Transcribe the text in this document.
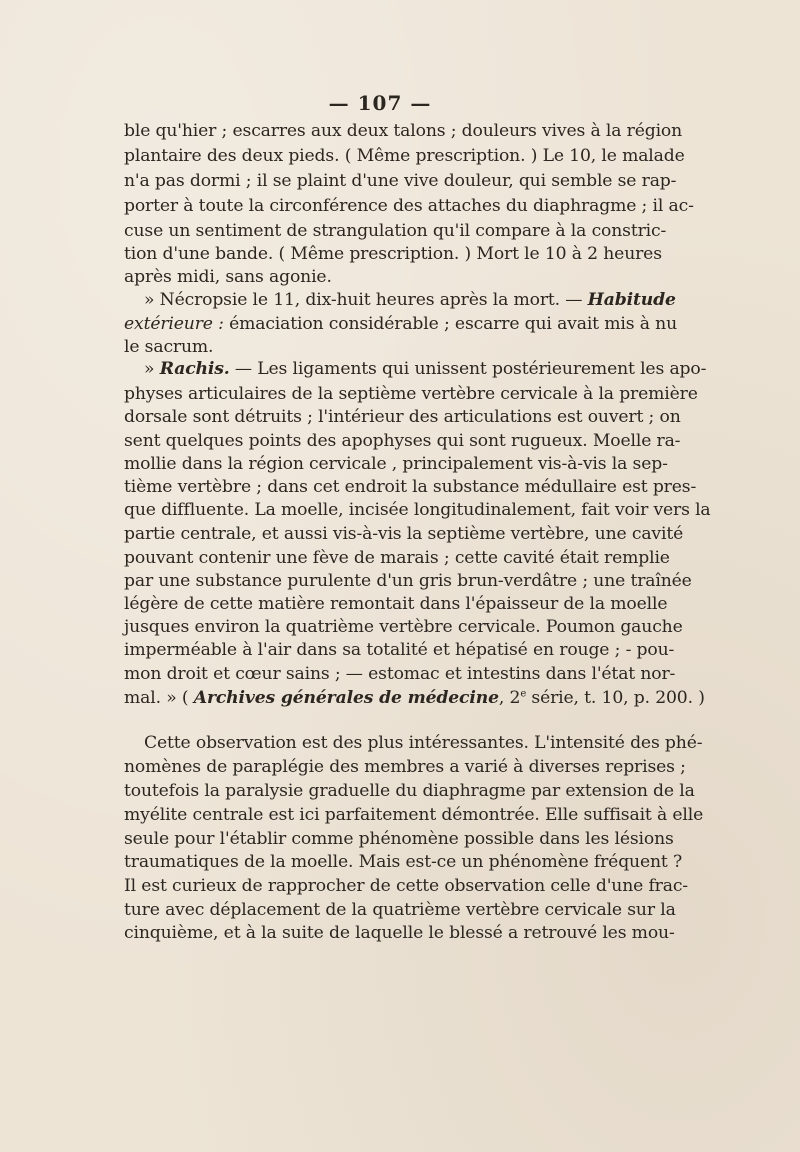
— 107 —
ble qu'hier ; escarres aux deux talons ; douleurs vives à la région
plantaire des deux pieds. ( Même prescription. ) Le 10, le malade
n'a pas dormi ; il se plaint d'une vive douleur, qui semble se rap-
porter à toute la circonférence des attaches du diaphragme ; il ac-
cuse un sentiment de strangulation qu'il compare à la constric-
tion d'une bande. ( Même prescription. ) Mort le 10 à 2 heures
après midi, sans agonie.
» Nécropsie le 11, dix-huit heures après la mort. — Habitude
extérieure : émaciation considérable ; escarre qui avait mis à nu
le sacrum.
» Rachis. — Les ligaments qui unissent postérieurement les apo-
physes articulaires de la septième vertèbre cervicale à la première
dorsale sont détruits ; l'intérieur des articulations est ouvert ; on
sent quelques points des apophyses qui sont rugueux. Moelle ra-
mollie dans la région cervicale , principalement vis-à-vis la sep-
tième vertèbre ; dans cet endroit la substance médullaire est pres-
que diffluente. La moelle, incisée longitudinalement, fait voir vers la
partie centrale, et aussi vis-à-vis la septième vertèbre, une cavité
pouvant contenir une fève de marais ; cette cavité était remplie
par une substance purulente d'un gris brun-verdâtre ; une traînée
légère de cette matière remontait dans l'épaisseur de la moelle
jusques environ la quatrième vertèbre cervicale. Poumon gauche
imperméable à l'air dans sa totalité et hépatisé en rouge ; - pou-
mon droit et cœur sains ; — estomac et intestins dans l'état nor-
mal. » ( Archives générales de médecine, 2e série, t. 10, p. 200. )
Cette observation est des plus intéressantes. L'intensité des phé-
nomènes de paraplégie des membres a varié à diverses reprises ;
toutefois la paralysie graduelle du diaphragme par extension de la
myélite centrale est ici parfaitement démontrée. Elle suffisait à elle
seule pour l'établir comme phénomène possible dans les lésions
traumatiques de la moelle. Mais est-ce un phénomène fréquent ?
Il est curieux de rapprocher de cette observation celle d'une frac-
ture avec déplacement de la quatrième vertèbre cervicale sur la
cinquième, et à la suite de laquelle le blessé a retrouvé les mou-
